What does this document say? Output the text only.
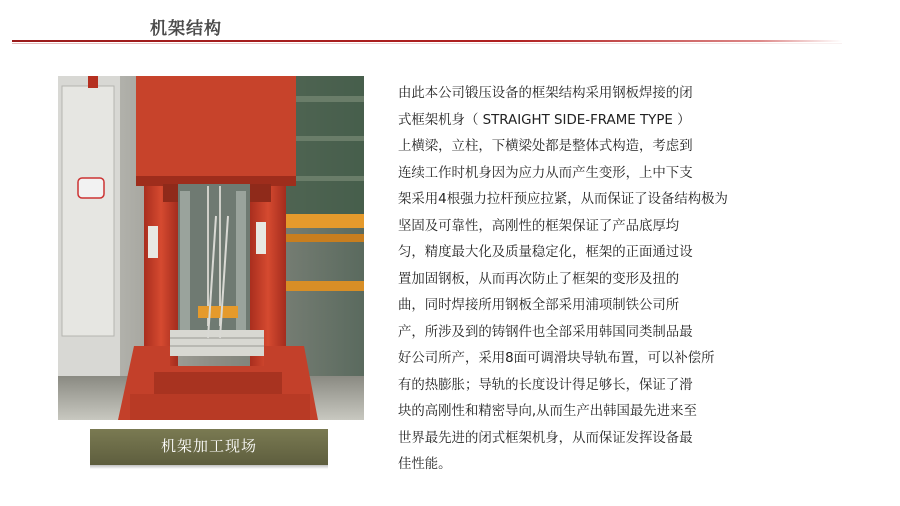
机架结构
机架加工现场
由此本公司锻压设备的框架结构采用钢板焊接的闭
式框架机身（ STRAIGHT SIDE-FRAME TYPE ）
上横梁，立柱，下横梁处都是整体式构造，考虑到
连续工作时机身因为应力从而产生变形，上中下支
架采用4根强力拉杆预应拉紧，从而保证了设备结构极为
坚固及可靠性，高刚性的框架保证了产品底厚均
匀，精度最大化及质量稳定化，框架的正面通过设
置加固钢板，从而再次防止了框架的变形及扭的
曲，同时焊接所用钢板全部采用浦项制铁公司所
产，所涉及到的铸钢件也全部采用韩国同类制品最
好公司所产，采用8面可调滑块导轨布置，可以补偿所
有的热膨胀；导轨的长度设计得足够长，保证了滑
块的高刚性和精密导向,从而生产出韩国最先进来至
世界最先进的闭式框架机身，从而保证发挥设备最
佳性能。
